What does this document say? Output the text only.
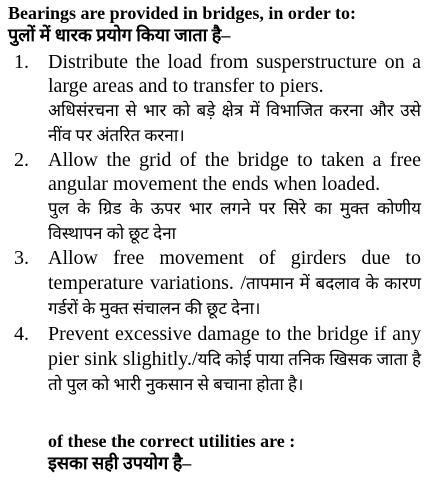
Bearings are provided in bridges, in order to:
पुलों में धारक प्रयोग किया जाता है–
1. Distribute the load from susperstructure on a large areas and to transfer to piers.
अधिसंरचना से भार को बड़े क्षेत्र में विभाजित करना और उसे नींव पर अंतरित करना।
2. Allow the grid of the bridge to taken a free angular movement the ends when loaded.
पुल के ग्रिड के ऊपर भार लगने पर सिरे का मुक्त कोणीय विस्थापन को छूट देना
3. Allow free movement of girders due to temperature variations. /तापमान में बदलाव के कारण गर्डरों के मुक्त संचालन की छूट देना।
4. Prevent excessive damage to the bridge if any pier sink slighitly./यदि कोई पाया तनिक खिसक जाता है तो पुल को भारी नुकसान से बचाना होता है।
of these the correct utilities are :
इसका सही उपयोग है–
